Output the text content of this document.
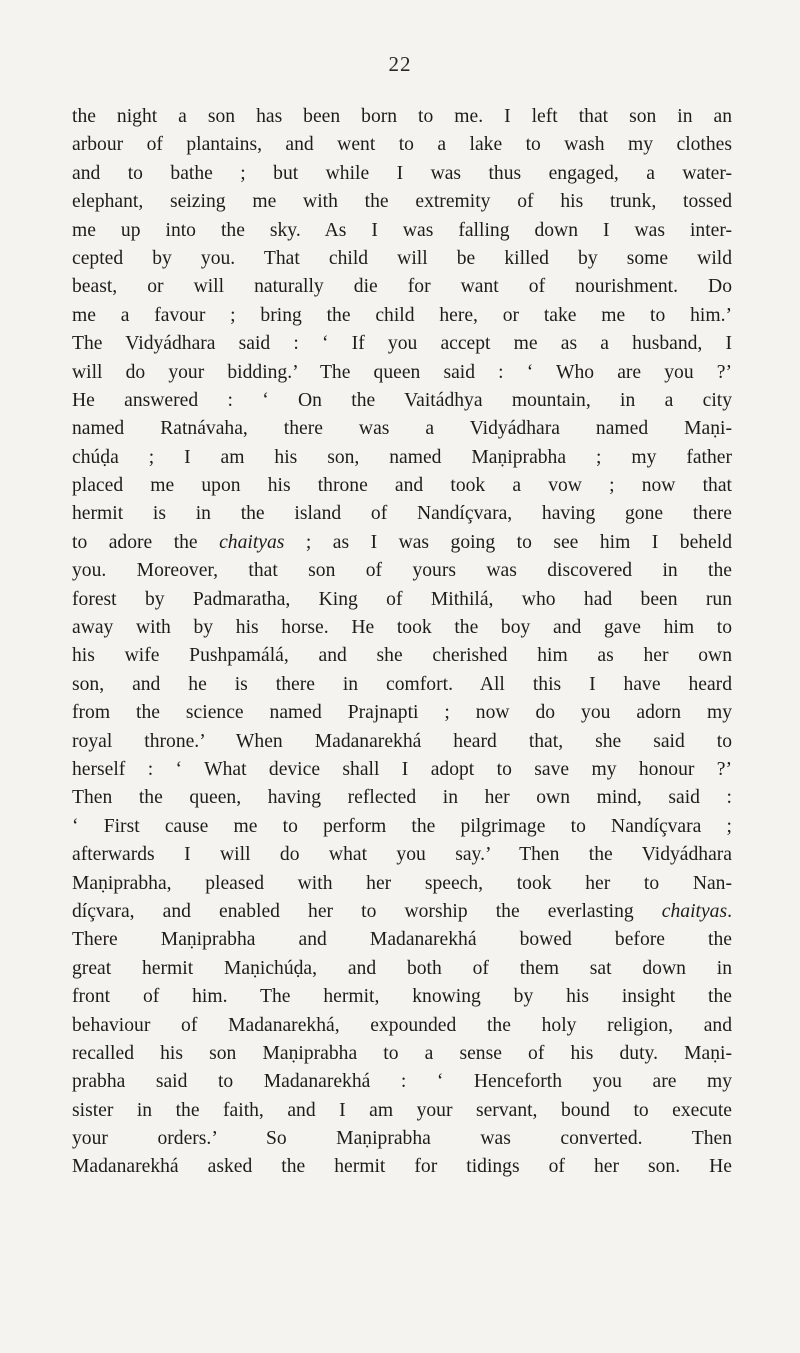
22
the night a son has been born to me. I left that son in an
arbour of plantains, and went to a lake to wash my clothes
and to bathe ; but while I was thus engaged, a water-
elephant, seizing me with the extremity of his trunk, tossed
me up into the sky. As I was falling down I was inter-
cepted by you. That child will be killed by some wild
beast, or will naturally die for want of nourishment. Do
me a favour ; bring the child here, or take me to him.’
The Vidyádhara said : ‘ If you accept me as a husband, I
will do your bidding.’ The queen said : ‘ Who are you ?’
He answered : ‘ On the Vaitádhya mountain, in a city
named Ratnávaha, there was a Vidyádhara named Maṇi-
chúḍa ; I am his son, named Maṇiprabha ; my father
placed me upon his throne and took a vow ; now that
hermit is in the island of Nandíçvara, having gone there
to adore the chaityas ; as I was going to see him I beheld
you. Moreover, that son of yours was discovered in the
forest by Padmaratha, King of Mithilá, who had been run
away with by his horse. He took the boy and gave him to
his wife Pushpamálá, and she cherished him as her own
son, and he is there in comfort. All this I have heard
from the science named Prajnapti ; now do you adorn my
royal throne.’ When Madanarekhá heard that, she said to
herself : ‘ What device shall I adopt to save my honour ?’
Then the queen, having reflected in her own mind, said :
‘ First cause me to perform the pilgrimage to Nandíçvara ;
afterwards I will do what you say.’ Then the Vidyádhara
Maṇiprabha, pleased with her speech, took her to Nan-
díçvara, and enabled her to worship the everlasting chaityas.
There Maṇiprabha and Madanarekhá bowed before the
great hermit Maṇichúḍa, and both of them sat down in
front of him. The hermit, knowing by his insight the
behaviour of Madanarekhá, expounded the holy religion, and
recalled his son Maṇiprabha to a sense of his duty. Maṇi-
prabha said to Madanarekhá : ‘ Henceforth you are my
sister in the faith, and I am your servant, bound to execute
your orders.’ So Maṇiprabha was converted. Then
Madanarekhá asked the hermit for tidings of her son. He
